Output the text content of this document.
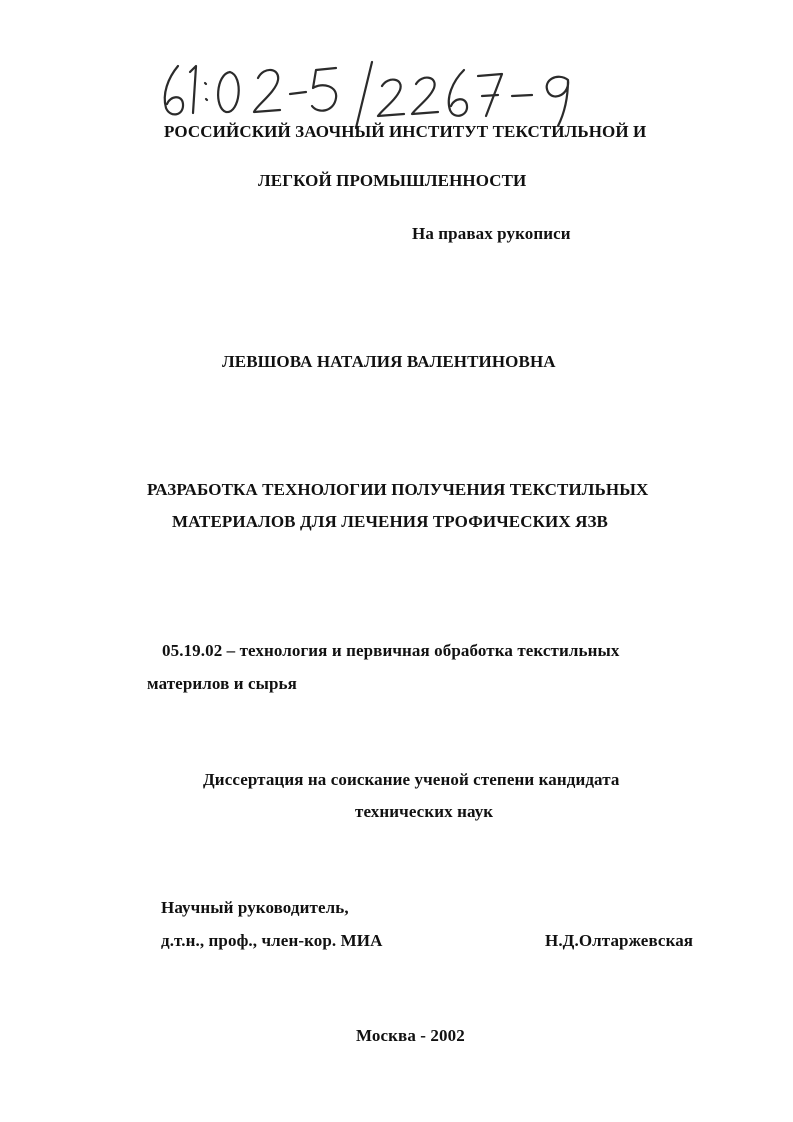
РОССИЙСКИЙ ЗАОЧНЫЙ ИНСТИТУТ ТЕКСТИЛЬНОЙ И
ЛЕГКОЙ ПРОМЫШЛЕННОСТИ
На правах рукописи
ЛЕВШОВА НАТАЛИЯ ВАЛЕНТИНОВНА
РАЗРАБОТКА ТЕХНОЛОГИИ ПОЛУЧЕНИЯ ТЕКСТИЛЬНЫХ
МАТЕРИАЛОВ ДЛЯ ЛЕЧЕНИЯ ТРОФИЧЕСКИХ ЯЗВ
05.19.02 – технология и первичная обработка текстильных
материлов и сырья
Диссертация на соискание ученой степени кандидата
технических наук
Научный руководитель,
д.т.н., проф., член-кор. МИА	Н.Д.Олтаржевская
Москва - 2002
